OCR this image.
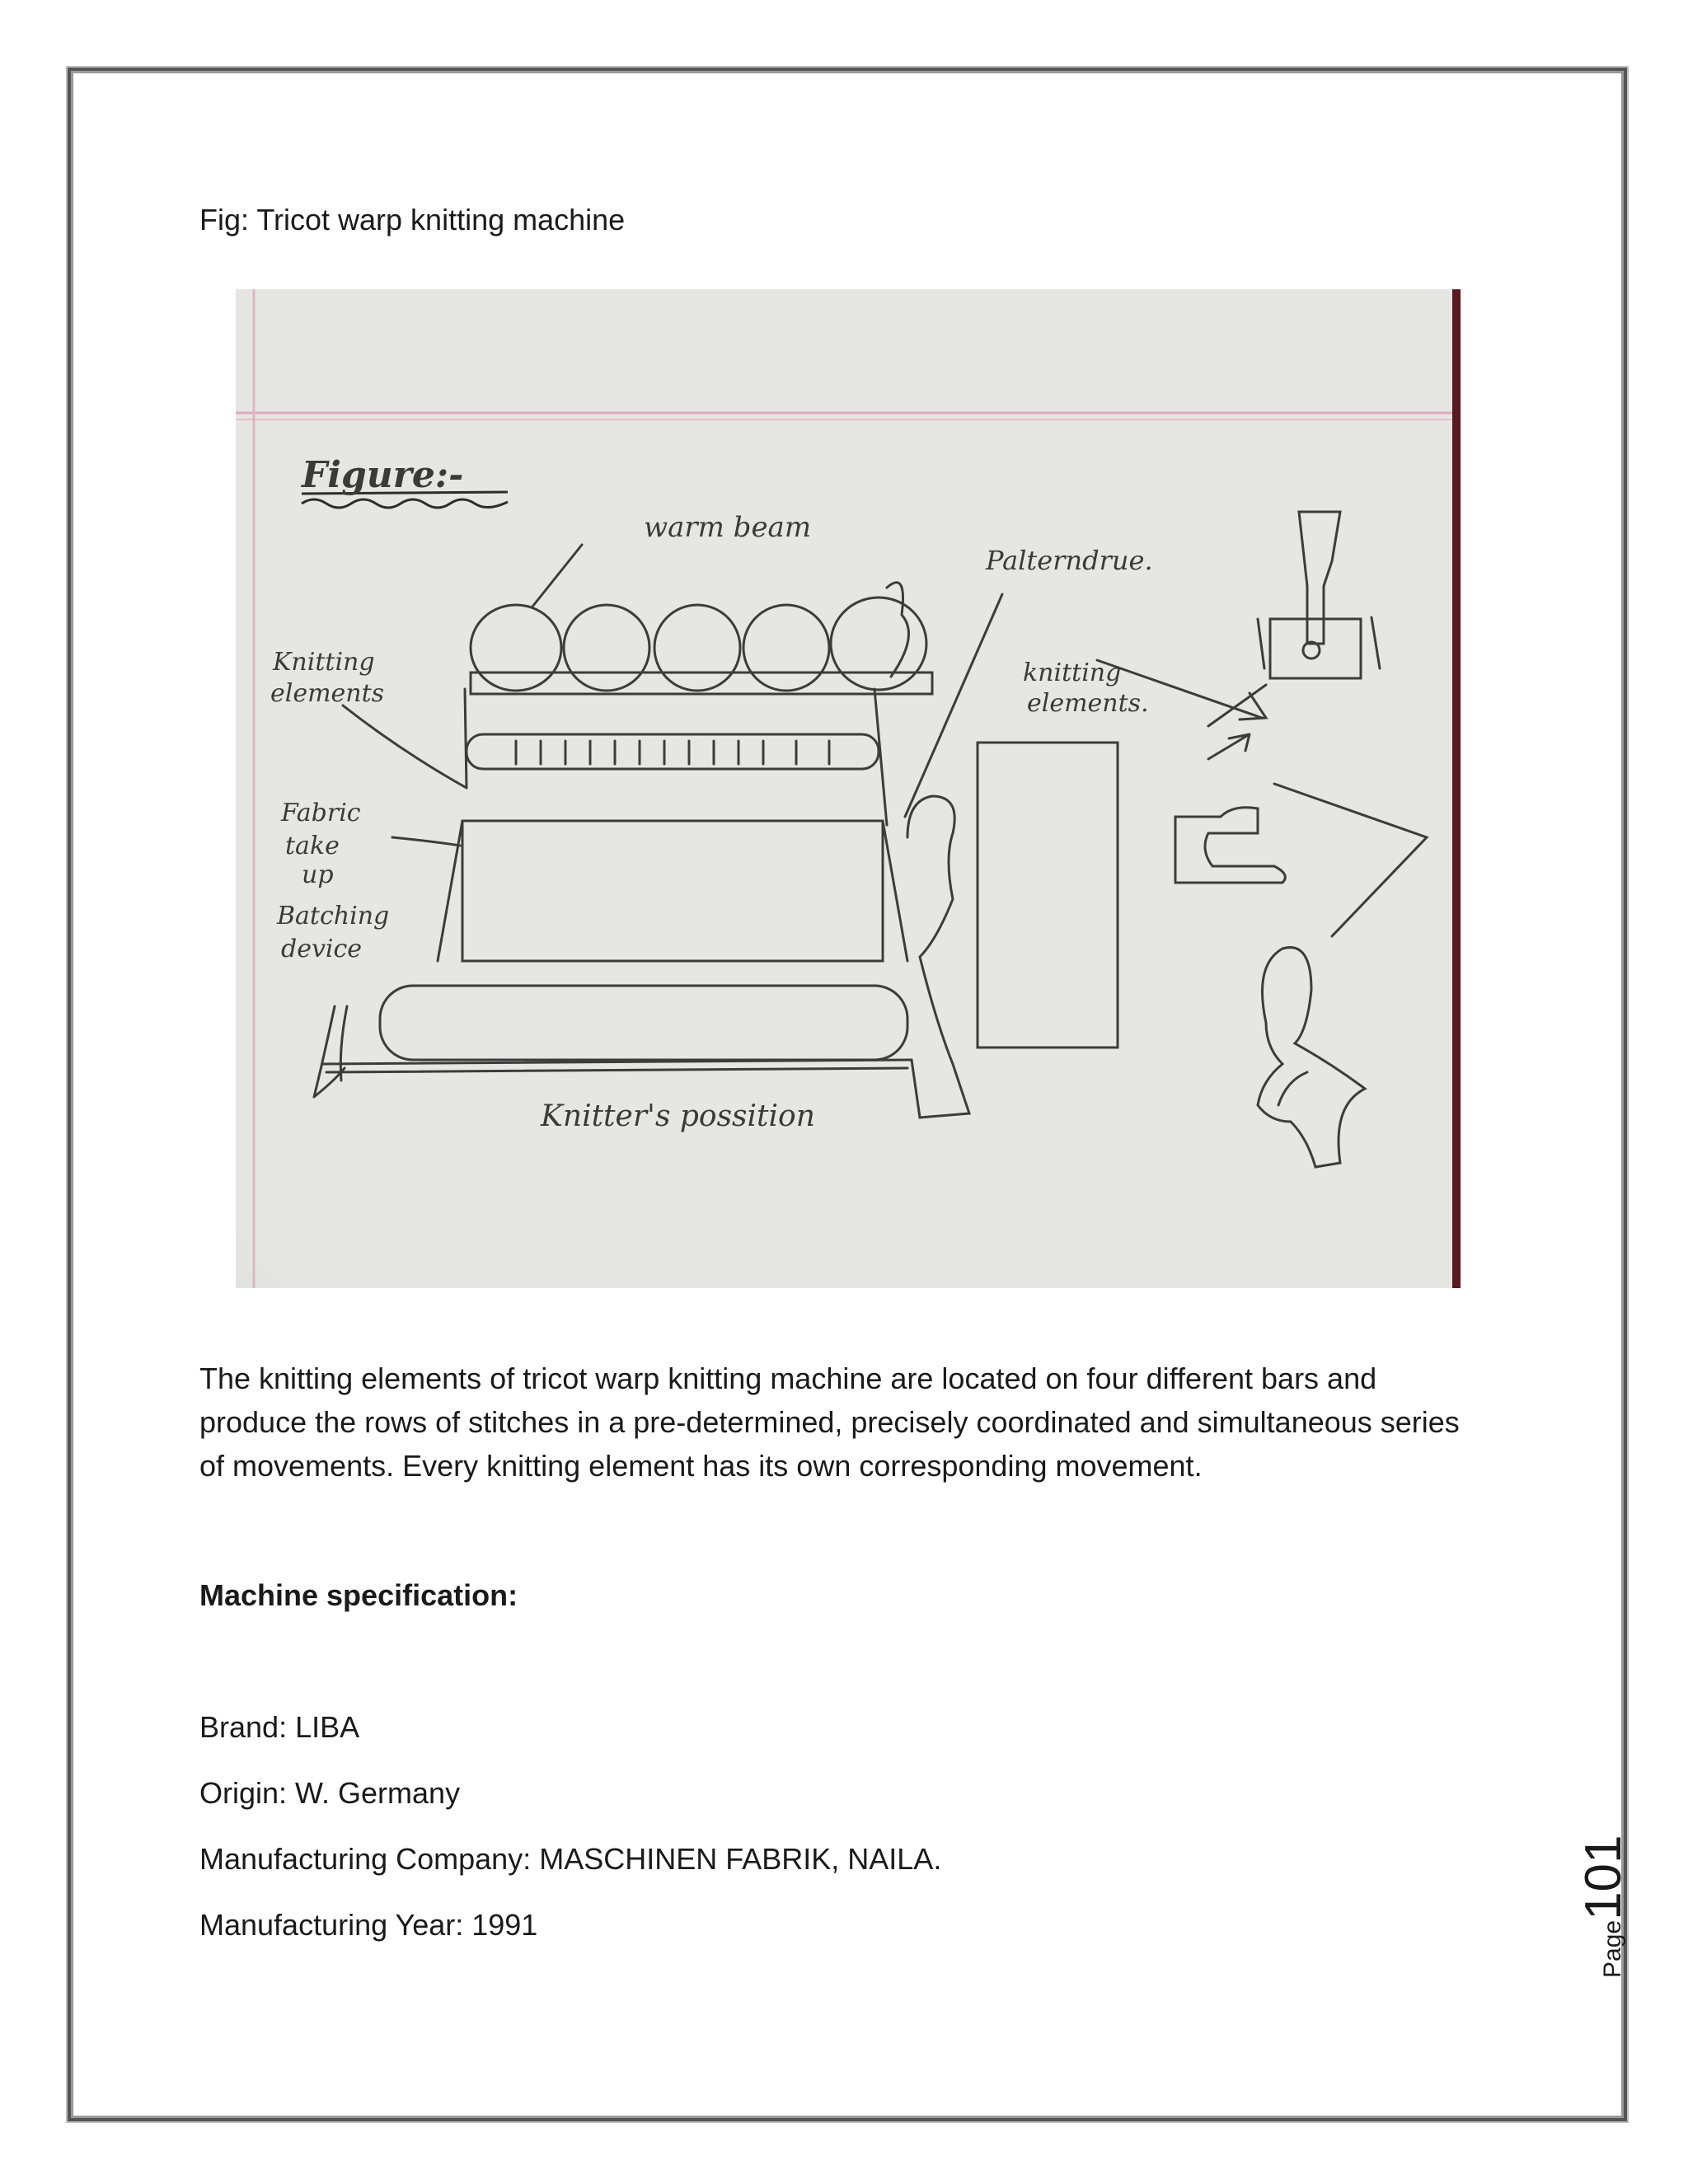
Fig: Tricot warp knitting machine
Figure:-
warm beam
Palterndrue.
Knitting
elements
knitting
elements.
Fabric
take
up
Batching
device
Knitter's possition
The knitting elements of tricot warp knitting machine are located on four different bars and produce the rows of stitches in a pre-determined, precisely coordinated and simultaneous series of movements. Every knitting element has its own corresponding movement.
Machine specification:
Brand: LIBA
Origin: W. Germany
Manufacturing Company: MASCHINEN FABRIK, NAILA.
Manufacturing Year: 1991	Page101
